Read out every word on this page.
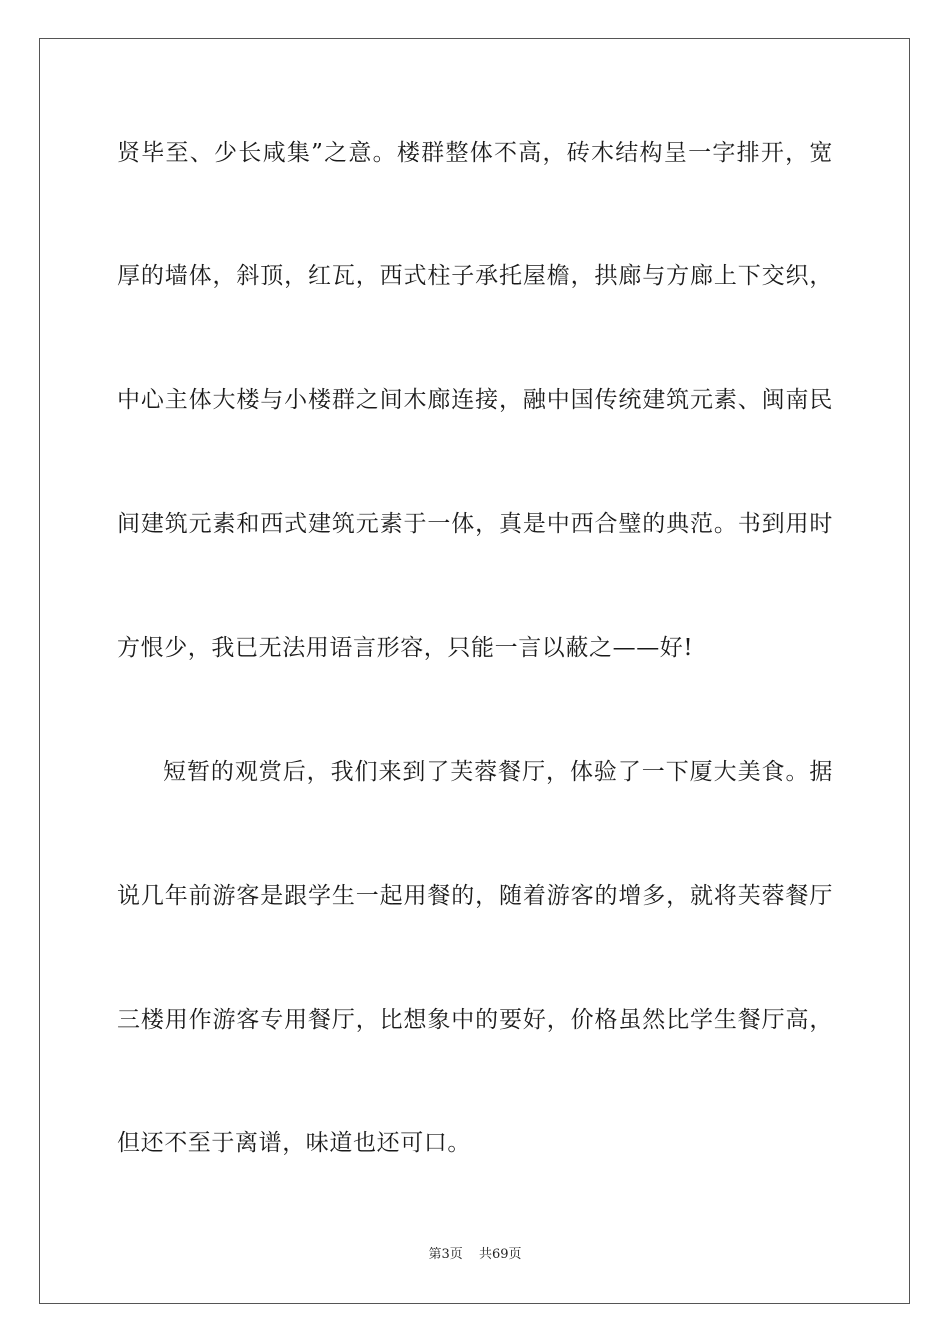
贤毕至、少长咸集”之意。楼群整体不高，砖木结构呈一字排开，宽
厚的墙体，斜顶，红瓦，西式柱子承托屋檐，拱廊与方廊上下交织，
中心主体大楼与小楼群之间木廊连接，融中国传统建筑元素、闽南民
间建筑元素和西式建筑元素于一体，真是中西合璧的典范。书到用时
方恨少，我已无法用语言形容，只能一言以蔽之——好!
短暂的观赏后，我们来到了芙蓉餐厅，体验了一下厦大美食。据
说几年前游客是跟学生一起用餐的，随着游客的增多，就将芙蓉餐厅
三楼用作游客专用餐厅，比想象中的要好，价格虽然比学生餐厅高，
但还不至于离谱，味道也还可口。
第3页 共69页
